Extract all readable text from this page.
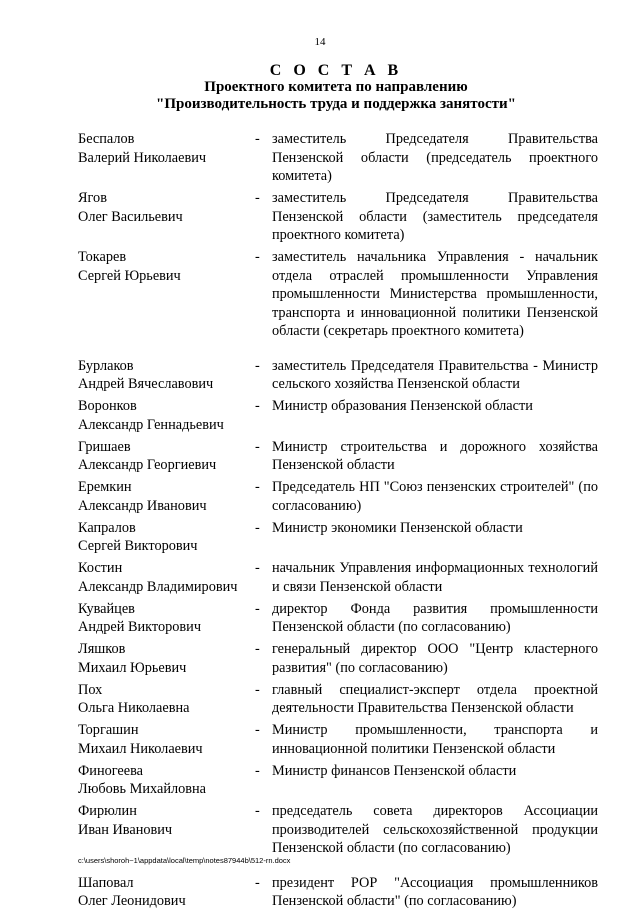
14
С О С Т А В
Проектного комитета по направлению
"Производительность труда и поддержка занятости"
Беспалов
Валерий Николаевич
- заместитель Председателя Правительства Пензенской области (председатель проектного комитета)
Ягов
Олег Васильевич
- заместитель Председателя Правительства Пензенской области (заместитель председателя проектного комитета)
Токарев
Сергей Юрьевич
- заместитель начальника Управления - начальник отдела отраслей промышленности Управления промышленности Министерства промышленности, транспорта и инновационной политики Пензенской области (секретарь проектного комитета)
Бурлаков
Андрей Вячеславович
- заместитель Председателя Правительства - Министр сельского хозяйства Пензенской области
Воронков
Александр Геннадьевич
- Министр образования Пензенской области
Гришаев
Александр Георгиевич
- Министр строительства и дорожного хозяйства Пензенской области
Еремкин
Александр Иванович
- Председатель НП "Союз пензенских строителей" (по согласованию)
Капралов
Сергей Викторович
- Министр экономики Пензенской области
Костин
Александр Владимирович
- начальник Управления информационных технологий и связи Пензенской области
Кувайцев
Андрей Викторович
- директор Фонда развития промышленности Пензенской области (по согласованию)
Ляшков
Михаил Юрьевич
- генеральный директор ООО "Центр кластерного развития" (по согласованию)
Пох
Ольга Николаевна
- главный специалист-эксперт отдела проектной деятельности Правительства Пензенской области
Торгашин
Михаил Николаевич
- Министр промышленности, транспорта и инновационной политики Пензенской области
Финогеева
Любовь Михайловна
- Министр финансов Пензенской области
Фирюлин
Иван Иванович
- председатель совета директоров Ассоциации производителей сельскохозяйственной продукции Пензенской области (по согласованию)
Шаповал
Олег Леонидович
- президент РОР "Ассоциация промышленников Пензенской области" (по согласованию)
c:\users\shoroh~1\appdata\local\temp\notes87944b\512-rn.docx
